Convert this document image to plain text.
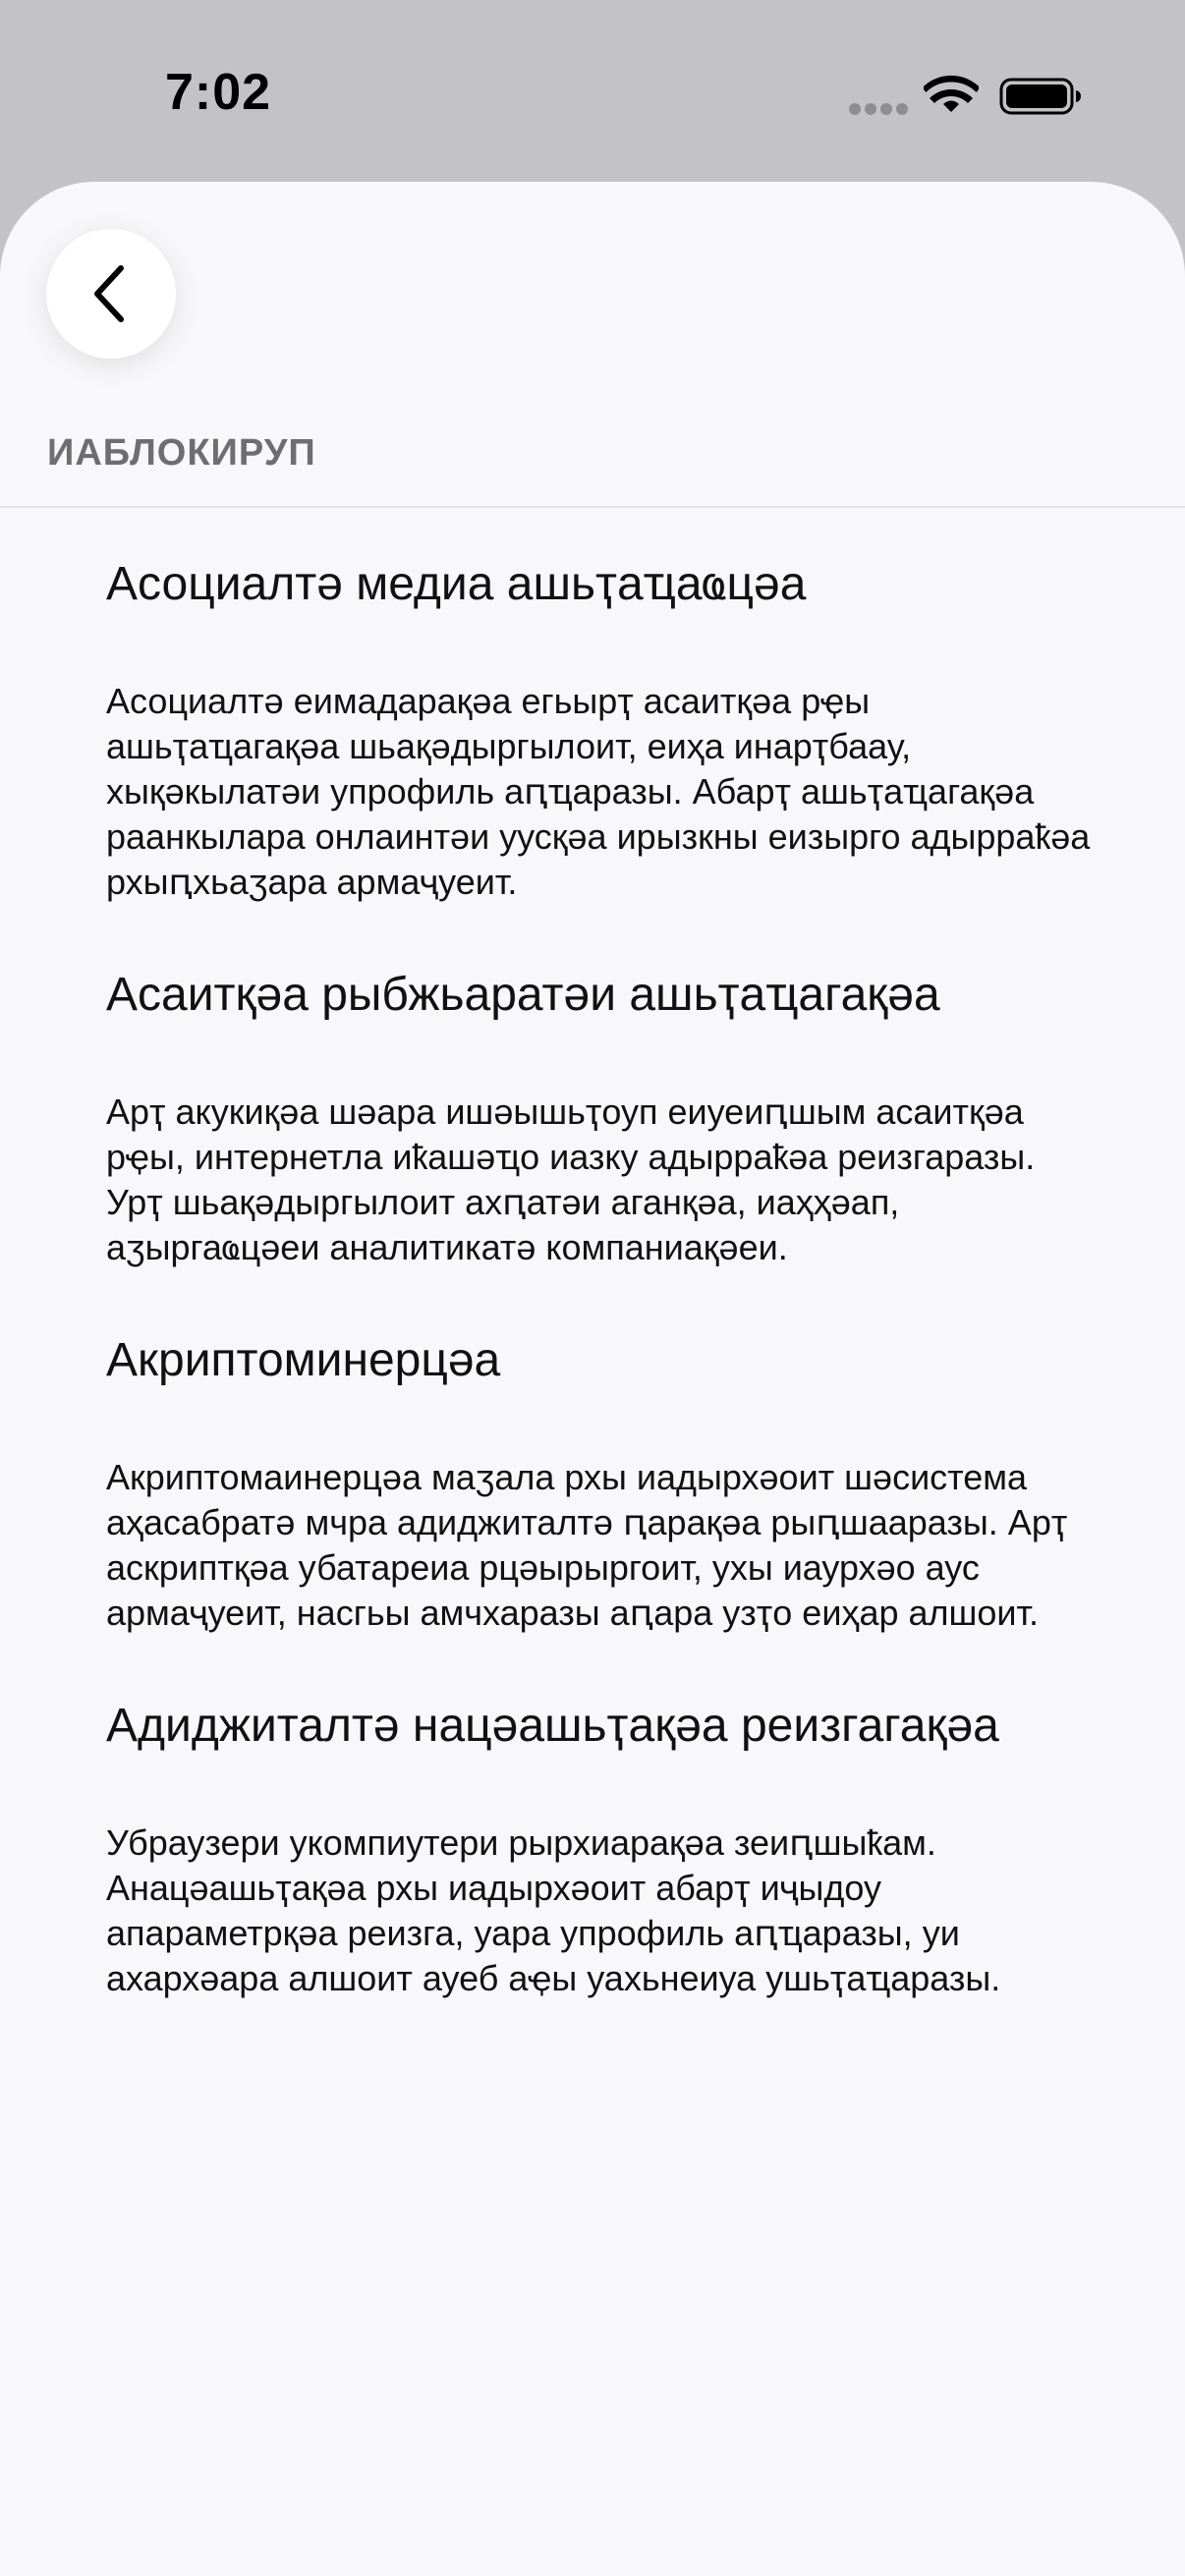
7:02
ИАБЛОКИРУП
Асоциалтә медиа ашьҭаҵаҩцәа

Асоциалтә еимадарақәа егьырҭ асаитқәа рҿы ашьҭаҵагақәа шьақәдыргылоит, еиҳа инарҭбаау, хықәкылатәи упрофиль аԥҵаразы. Абарҭ ашьҭаҵагақәа раанкылара онлаинтәи уусқәа ирызкны еизырго адырраҟәа рхыԥхьаӡара армаҷуеит.

Асаитқәа рыбжьаратәи ашьҭаҵагақәа

Арҭ акукиқәа шәара ишәышьҭоуп еиуеиԥшым асаитқәа рҿы, интернетла иҟашәҵо иазку адырраҟәа реизгаразы. Урҭ шьақәдыргылоит ахԥатәи аганқәа, иаҳҳәап, аӡыргаҩцәеи аналитикатә компаниақәеи.

Акриптоминерцәа

Акриптомаинерцәа маӡала рхы иадырхәоит шәсистема аҳасабратә мчра адиджиталтә ԥарақәа рыԥшааразы. Арҭ аскриптқәа убатареиа рцәырыргоит, ухы иаурхәо аус армаҷуеит, насгьы амчхаразы аԥара узҭо еиҳар алшоит.

Адиджиталтә нацәашьҭақәа реизгагақәа

Убраузери укомпиутери рырхиарақәа зеиԥшыҟам. Анацәашьҭақәа рхы иадырхәоит абарҭ иҷыдоу апараметрқәа реизга, уара упрофиль аԥҵаразы, уи ахархәара алшоит ауеб аҿы уахьнеиуа ушьҭаҵаразы.
